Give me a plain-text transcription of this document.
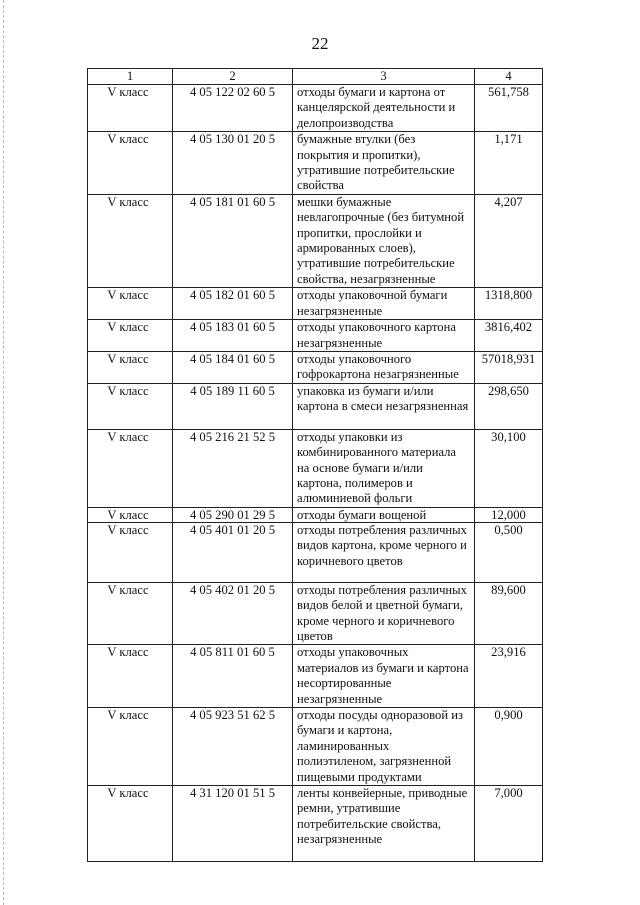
22
1	2	3	4
V класс	4 05 122 02 60 5	отходы бумаги и картона от канцелярской деятельности и делопроизводства	561,758
V класс	4 05 130 01 20 5	бумажные втулки (без покрытия и пропитки), утратившие потребительские свойства	1,171
V класс	4 05 181 01 60 5	мешки бумажные невлагопрочные (без битумной пропитки, прослойки и армированных слоев), утратившие потребительские свойства, незагрязненные	4,207
V класс	4 05 182 01 60 5	отходы упаковочной бумаги незагрязненные	1318,800
V класс	4 05 183 01 60 5	отходы упаковочного картона незагрязненные	3816,402
V класс	4 05 184 01 60 5	отходы упаковочного гофрокартона незагрязненные	57018,931
V класс	4 05 189 11 60 5	упаковка из бумаги и/или картона в смеси незагрязненная	298,650
V класс	4 05 216 21 52 5	отходы упаковки из комбинированного материала на основе бумаги и/или картона, полимеров и алюминиевой фольги	30,100
V класс	4 05 290 01 29 5	отходы бумаги вощеной	12,000
V класс	4 05 401 01 20 5	отходы потребления различных видов картона, кроме черного и коричневого цветов	0,500
V класс	4 05 402 01 20 5	отходы потребления различных видов белой и цветной бумаги, кроме черного и коричневого цветов	89,600
V класс	4 05 811 01 60 5	отходы упаковочных материалов из бумаги и картона несортированные незагрязненные	23,916
V класс	4 05 923 51 62 5	отходы посуды одноразовой из бумаги и картона, ламинированных полиэтиленом, загрязненной пищевыми продуктами	0,900
V класс	4 31 120 01 51 5	ленты конвейерные, приводные ремни, утратившие потребительские свойства, незагрязненные	7,000
